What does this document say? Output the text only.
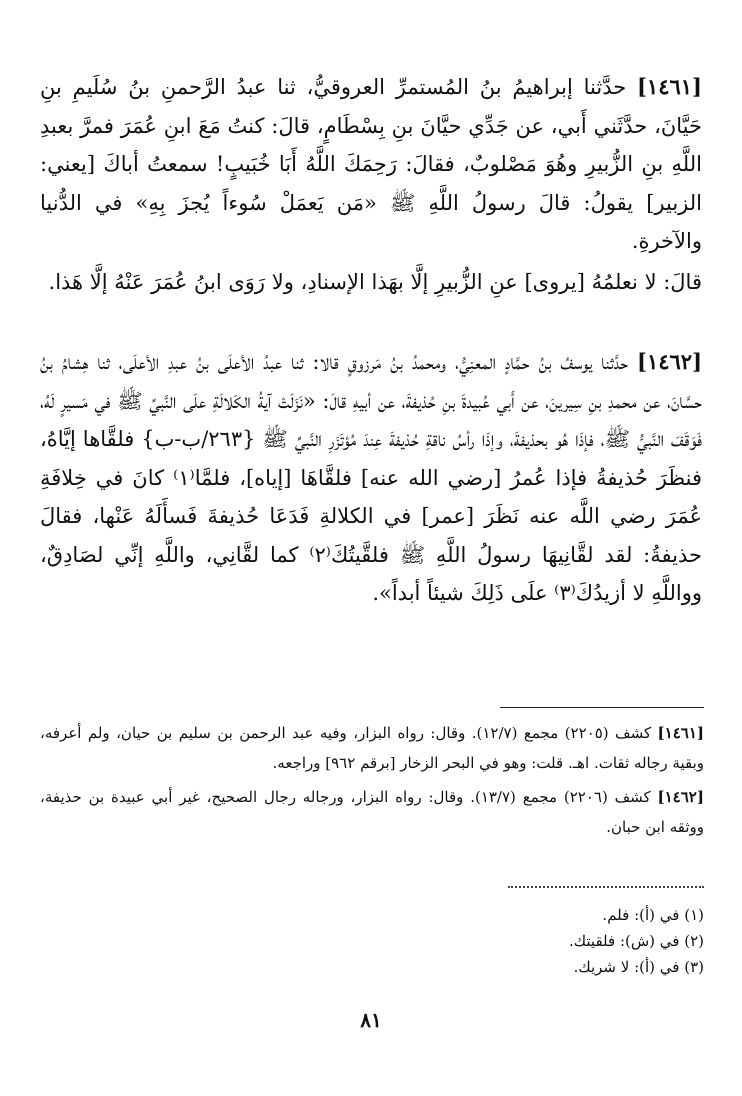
[١٤٦١] حدَّثنا إبراهيمُ بنُ المُستمرِّ العروقيُّ، ثنا عبدُ الرَّحمنِ بنُ سُلَيمِ بنِ حَيَّانَ، حدَّثَني أَبي، عن جَدِّي حيَّانَ بنِ بِسْطَامٍ، قالَ: كنتُ مَعَ ابنِ عُمَرَ فمرَّ بعبدِ اللَّهِ بنِ الزُّبيرِ وهُوَ مَصْلوبٌ، فقالَ: رَحِمَكَ اللَّهُ أَبَا خُبَيبٍ! سمعتُ أباكَ [يعني: الزبير] يقولُ: قالَ رسولُ اللَّهِ ﷺ «مَن يَعمَلْ سُوءاً يُجزَ بِهِ» في الدُّنيا والآخرةِ.

قالَ: لا نعلمُهُ [يروى] عنِ الزُّبيرِ إلَّا بهَذا الإسنادِ، ولا رَوَى ابنُ عُمَرَ عَنْهُ إلَّا هَذا.

[١٤٦٢] حدَّثنا يوسفُ بنُ حمَّادٍ المعنِيُّ، ومحمدُ بنُ مَرزوقٍ قالا: ثنا عبدُ الأعلَى بنُ عبدِ الأعلَى، ثنا هِشامُ بنُ حسَّانَ، عن محمدِ بنِ سِيرينَ، عن أَبي عُبيدةَ بنِ حُذيفةَ، عن أبيهِ قالَ: «نَزَلَتْ آيةُ الكَلالَةِ علَى النَّبيِّ ﷺ في مَسيرٍ لَهُ، فَوَقَفَ النَّبيُّ ﷺ، فإذَا هُو بحذيفةَ، وإذَا رأسُ ناقةِ حُذيفةَ عِندَ مُؤتَزَرِ النَّبيِّ ﷺ {٢٦٣/ب-ب} فلقَّاها إيَّاهُ، فنظَرَ حُذيفةُ فإذا عُمرُ [رضي الله عنه] فلقَّاهَا [إياه]، فلمَّا⁽١⁾ كانَ في خِلافَةِ عُمَرَ رضي اللَّه عنه نَظَرَ [عمر] في الكلالةِ فَدَعَا حُذيفةَ فَسأَلَهُ عَنْها، فقالَ حذيفةُ: لقد لقَّانِيهَا رسولُ اللَّهِ ﷺ فلقَّيتُكَ⁽٢⁾ كما لقَّانِي، واللَّهِ إنِّي لصَادِقٌ، وواللَّهِ لا أزيدُكَ⁽٣⁾ علَى ذَلِكَ شيئاً أبداً».

[١٤٦١] كشف (٢٢٠٥) مجمع (١٢/٧). وقال: رواه البزار، وفيه عبد الرحمن بن سليم بن حيان، ولم أعرفه، وبقية رجاله ثقات. اهـ. قلت: وهو في البحر الزخار [برقم ٩٦٢] وراجعه.

[١٤٦٢] كشف (٢٢٠٦) مجمع (١٣/٧). وقال: رواه البزار، ورجاله رجال الصحيح، غير أبي عبيدة بن حذيفة، ووثقه ابن حبان.

(١) في (أ): فلم.
(٢) في (ش): فلقيتك.
(٣) في (أ): لا شريك.
٨١
